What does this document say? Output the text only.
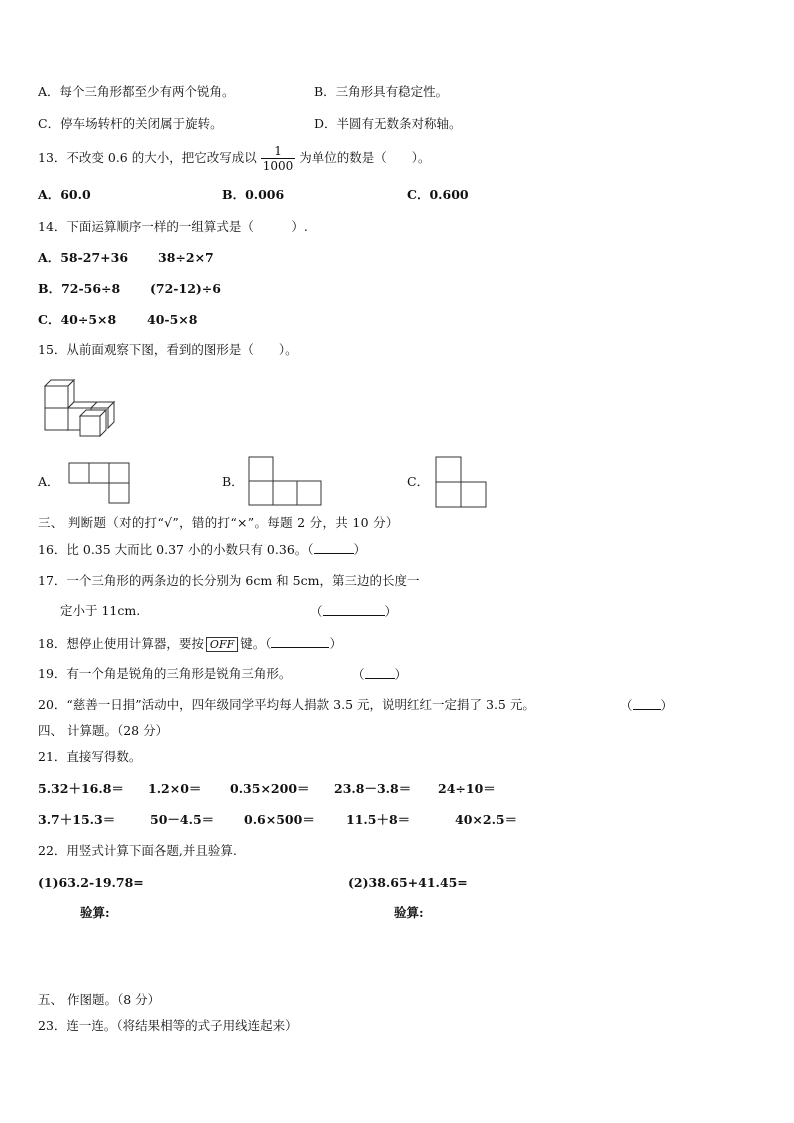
A．每个三角形都至少有两个锐角。	B．三角形具有稳定性。
C．停车场转杆的关闭属于旋转。	D．半圆有无数条对称轴。
13．不改变 0.6 的大小，把它改写成以 $\frac{1}{1000}$ 为单位的数是（　　）。
A．60.0	B．0.006	C．0.600
14．下面运算顺序一样的一组算式是（　　　）.
A．58-27+36 38÷2×7
B．72-56÷8 (72-12)÷6
C．40÷5×8 40-5×8
15．从前面观察下图，看到的图形是（　　）。
A．	B．	C．
三、 判断题（对的打“√”，错的打“×”。每题 2 分，共 10 分）
16．比 0.35 大而比 0.37 小的小数只有 0.36。（	）
17．一个三角形的两条边的长分别为 6cm 和 5cm，第三边的长度一
定小于 11cm.	（	）
18．想停止使用计算器，要按 OFF 键。（	）
19．有一个角是锐角的三角形是锐角三角形。	（ ）
20．“慈善一日捐”活动中，四年级同学平均每人捐款 3.5 元，说明红红一定捐了 3.5 元。	（ ）
四、 计算题。（28 分）
21．直接写得数。
5.32＋16.8＝ 1.2×0＝ 0.35×200＝ 23.8－3.8＝ 24÷10＝
3.7＋15.3＝	50－4.5＝ 0.6×500＝ 11.5＋8＝	40×2.5＝
22．用竖式计算下面各题,并且验算.
(1)63.2-19.78=	(2)38.65+41.45=
验算:	验算:
五、 作图题。（8 分）
23．连一连。（将结果相等的式子用线连起来）
